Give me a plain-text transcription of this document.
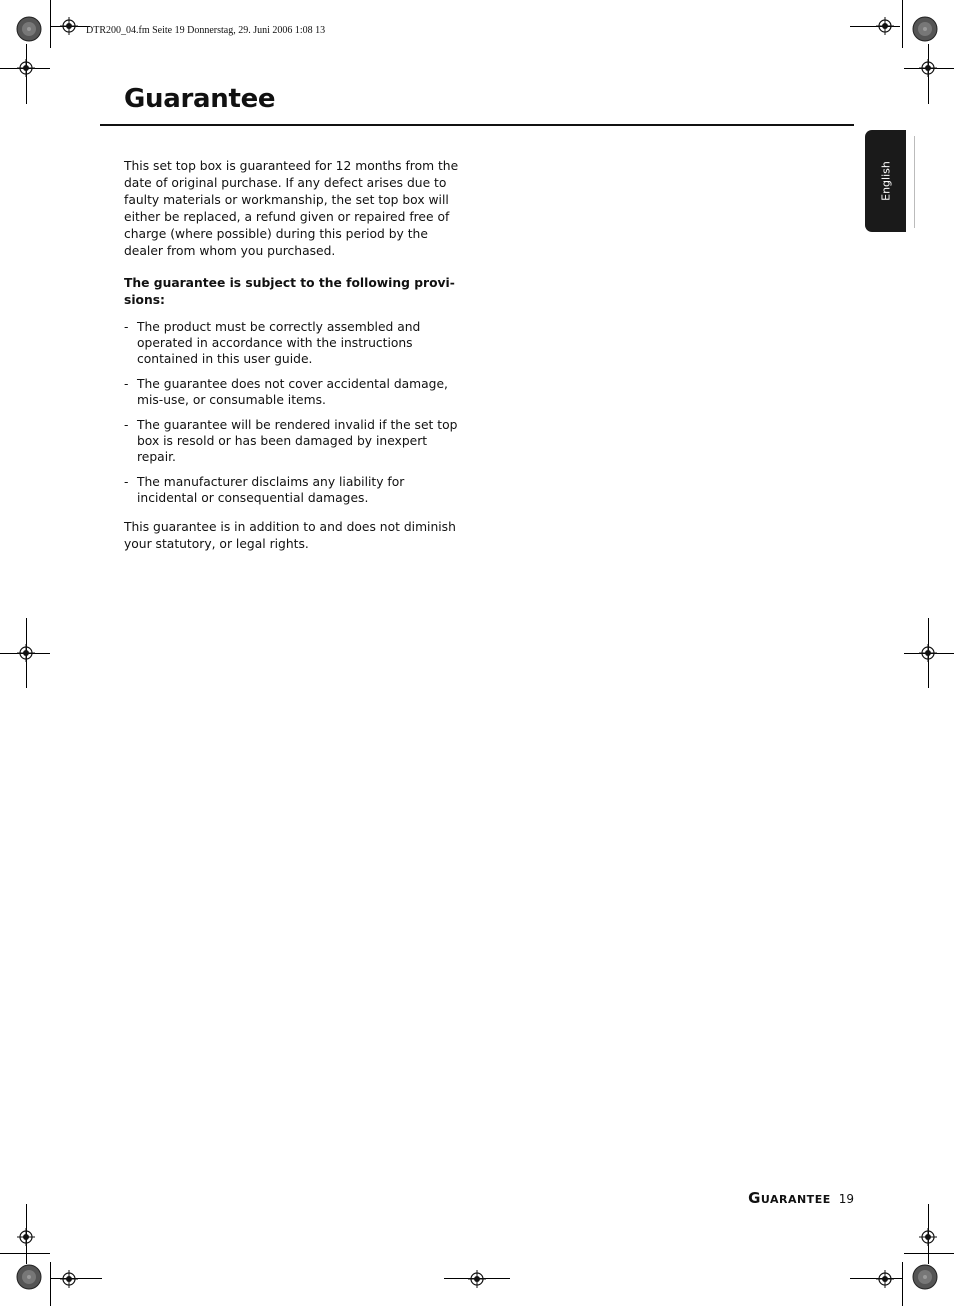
DTR200_04.fm Seite 19 Donnerstag, 29. Juni 2006 1:08 13
Guarantee
English

This set top box is guaranteed for 12 months from the date of original purchase. If any defect arises due to faulty materials or workmanship, the set top box will either be replaced, a refund given or repaired free of charge (where possible) during this period by the dealer from whom you purchased.

The guarantee is subject to the following provi-sions:

- The product must be correctly assembled and operated in accordance with the instructions contained in this user guide.
- The guarantee does not cover accidental damage, mis-use, or consumable items.
- The guarantee will be rendered invalid if the set top box is resold or has been damaged by inexpert repair.
- The manufacturer disclaims any liability for incidental or consequential damages.

This guarantee is in addition to and does not diminish your statutory, or legal rights.

Guarantee 19
